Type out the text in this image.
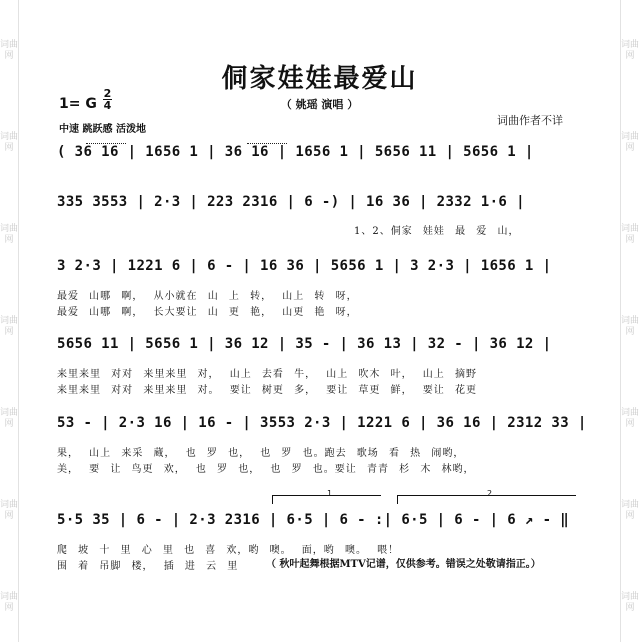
词曲网
词曲网
词曲网
词曲网
词曲网
词曲网
词曲网
词曲网
词曲网
词曲网
词曲网
词曲网
词曲网
词曲网
侗家娃娃最爱山
（ 姚瑶 演唱 ）
1= G
2
4
词曲作者不详
中速 跳跃感 活泼地
( 36 16 | 1656 1 | 36 16 | 1656 1 | 5656 11 | 5656 1 |
335 3553 | 2·3 | 223 2316 | 6 -) | 16 36 | 2332 1·6 |
1、2、侗家 娃娃 最 爱 山，
3 2·3 | 1221 6 | 6 - | 16 36 | 5656 1 | 3 2·3 | 1656 1 |
最爱 山哪 啊， 从小就在 山 上 转， 山上 转 呀，
最爱 山哪 啊， 长大要让 山 更 艳， 山更 艳 呀，
5656 11 | 5656 1 | 36 12 | 35 - | 36 13 | 32 - | 36 12 |
来里来里 对对 来里来里 对， 山上 去看 牛， 山上 吹木 叶， 山上 摘野
来里来里 对对 来里来里 对。 要让 树更 多， 要让 草更 鲜， 要让 花更
53 - | 2·3 16 | 16 - | 3553 2·3 | 1221 6 | 36 16 | 2312 33 |
果， 山上 来采 蔵， 也 罗 也， 也 罗 也。跑去 歌场 看 热 闹哟，
美， 要 让 鸟更 欢， 也 罗 也， 也 罗 也。要让 青青 杉 木 林哟，
1	2
5·5 35 | 6 - | 2·3 2316 | 6·5 | 6 - :| 6·5 | 6 - | 6 ↗ - ‖
爬 坡 十 里 心 里 也 喜 欢，哟 噢。 面，哟 噢。 喂！
围 着 吊脚 楼， 插 进 云 里	（ 秋叶起舞根据MTV记谱，仅供参考。错误之处敬请指正。）
